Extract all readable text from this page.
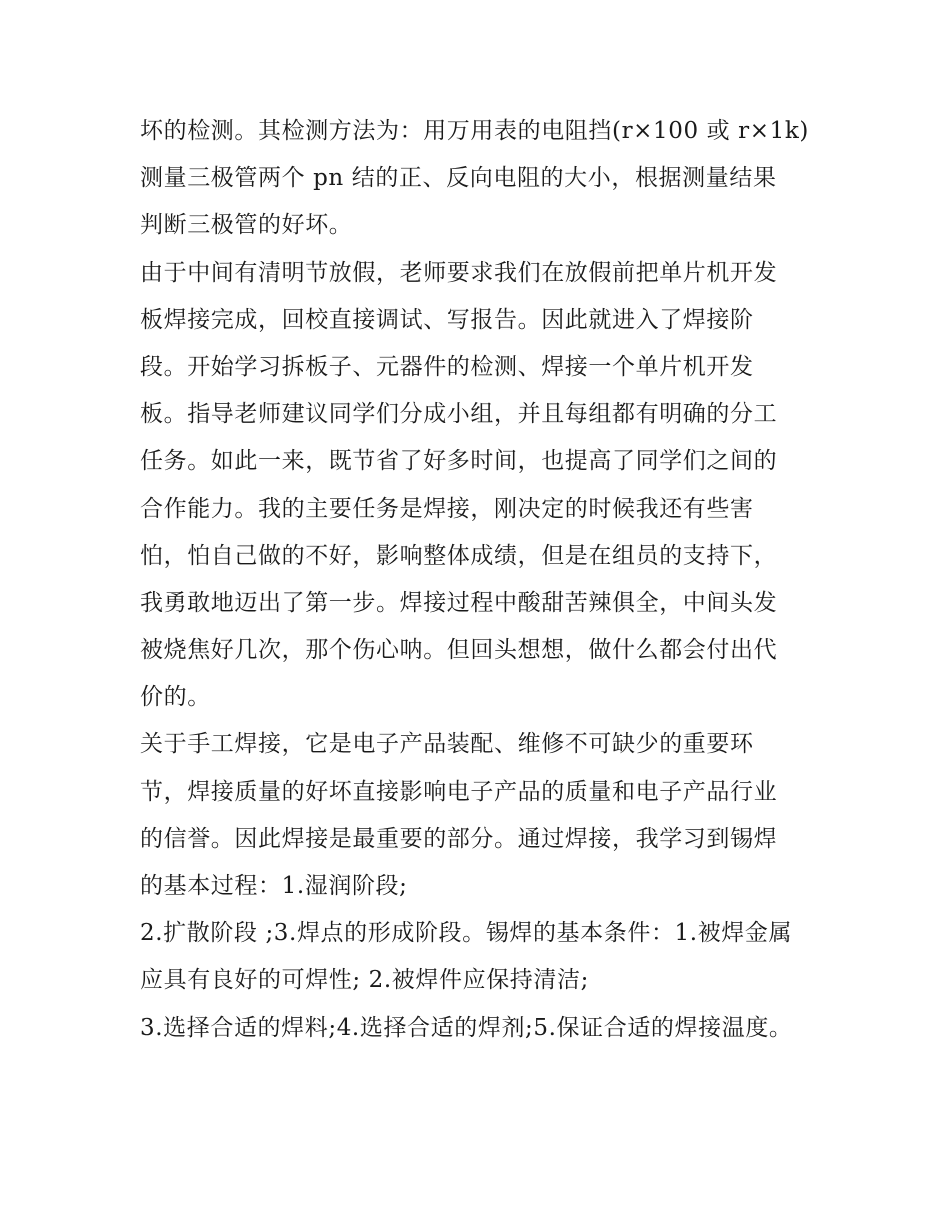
坏的检测。其检测方法为：用万用表的电阻挡(r×100 或 r×1k)
测量三极管两个 pn 结的正、反向电阻的大小，根据测量结果
判断三极管的好坏。
由于中间有清明节放假，老师要求我们在放假前把单片机开发
板焊接完成，回校直接调试、写报告。因此就进入了焊接阶
段。开始学习拆板子、元器件的检测、焊接一个单片机开发
板。指导老师建议同学们分成小组，并且每组都有明确的分工
任务。如此一来，既节省了好多时间，也提高了同学们之间的
合作能力。我的主要任务是焊接，刚决定的时候我还有些害
怕，怕自己做的不好，影响整体成绩，但是在组员的支持下，
我勇敢地迈出了第一步。焊接过程中酸甜苦辣俱全，中间头发
被烧焦好几次，那个伤心呐。但回头想想，做什么都会付出代
价的。
关于手工焊接，它是电子产品装配、维修不可缺少的重要环
节，焊接质量的好坏直接影响电子产品的质量和电子产品行业
的信誉。因此焊接是最重要的部分。通过焊接，我学习到锡焊
的基本过程：1.湿润阶段;
2.扩散阶段 ;3.焊点的形成阶段。锡焊的基本条件：1.被焊金属
应具有良好的可焊性; 2.被焊件应保持清洁;
3.选择合适的焊料;4.选择合适的焊剂;5.保证合适的焊接温度。
